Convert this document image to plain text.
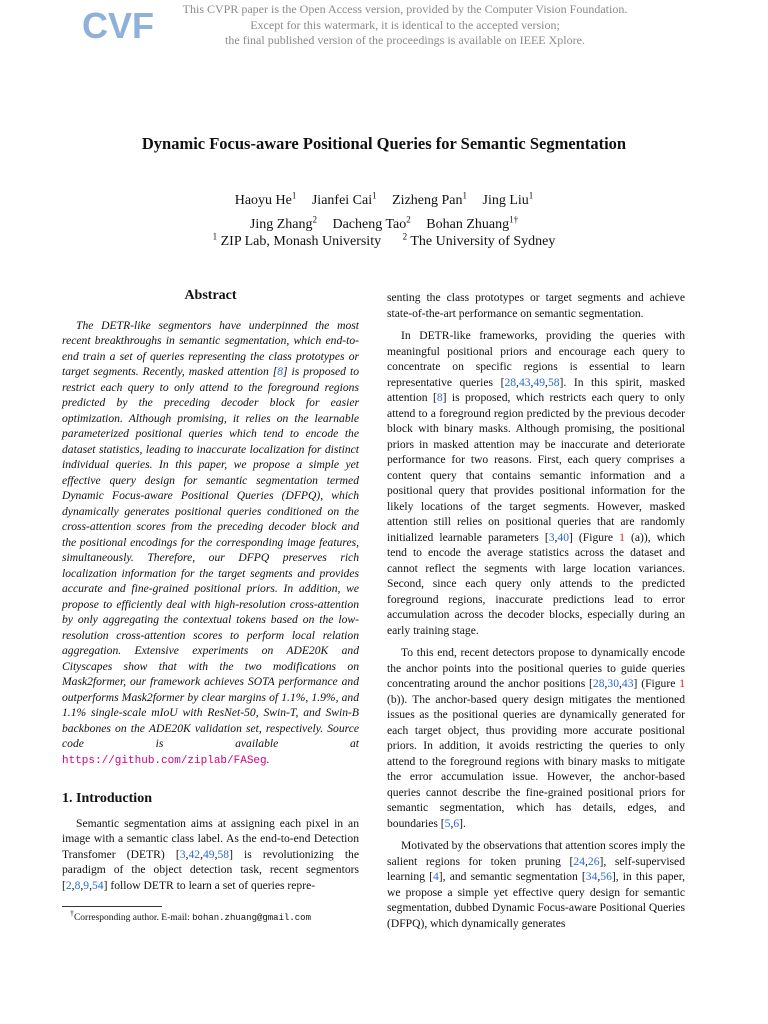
CVF	This CVPR paper is the Open Access version, provided by the Computer Vision Foundation.
Except for this watermark, it is identical to the accepted version;
the final published version of the proceedings is available on IEEE Xplore.
Dynamic Focus-aware Positional Queries for Semantic Segmentation
Haoyu He$^1$ Jianfei Cai$^1$ Zizheng Pan$^1$ Jing Liu$^1$
Jing Zhang$^2$ Dacheng Tao$^2$ Bohan Zhuang$^{1\dagger}$
$^1$ ZIP Lab, Monash University $^2$ The University of Sydney
Abstract

The DETR-like segmentors have underpinned the most recent breakthroughs in semantic segmentation, which end-to-end train a set of queries representing the class prototypes or target segments. Recently, masked attention [8] is proposed to restrict each query to only attend to the foreground regions predicted by the preceding decoder block for easier optimization. Although promising, it relies on the learnable parameterized positional queries which tend to encode the dataset statistics, leading to inaccurate localization for distinct individual queries. In this paper, we propose a simple yet effective query design for semantic segmentation termed Dynamic Focus-aware Positional Queries (DFPQ), which dynamically generates positional queries conditioned on the cross-attention scores from the preceding decoder block and the positional encodings for the corresponding image features, simultaneously. Therefore, our DFPQ preserves rich localization information for the target segments and provides accurate and fine-grained positional priors. In addition, we propose to efficiently deal with high-resolution cross-attention by only aggregating the contextual tokens based on the low-resolution cross-attention scores to perform local relation aggregation. Extensive experiments on ADE20K and Cityscapes show that with the two modifications on Mask2former, our framework achieves SOTA performance and outperforms Mask2former by clear margins of 1.1%, 1.9%, and 1.1% single-scale mIoU with ResNet-50, Swin-T, and Swin-B backbones on the ADE20K validation set, respectively. Source code is available at https://github.com/ziplab/FASeg.

1. Introduction

Semantic segmentation aims at assigning each pixel in an image with a semantic class label. As the end-to-end Detection Transfomer (DETR) [3,42,49,58] is revolutionizing the paradigm of the object detection task, recent segmentors [2,8,9,54] follow DETR to learn a set of queries repre-

†Corresponding author. E-mail: bohan.zhuang@gmail.com

senting the class prototypes or target segments and achieve state-of-the-art performance on semantic segmentation.

In DETR-like frameworks, providing the queries with meaningful positional priors and encourage each query to concentrate on specific regions is essential to learn representative queries [28,43,49,58]. In this spirit, masked attention [8] is proposed, which restricts each query to only attend to a foreground region predicted by the previous decoder block with binary masks. Although promising, the positional priors in masked attention may be inaccurate and deteriorate performance for two reasons. First, each query comprises a content query that contains semantic information and a positional query that provides positional information for the likely locations of the target segments. However, masked attention still relies on positional queries that are randomly initialized learnable parameters [3,40] (Figure 1 (a)), which tend to encode the average statistics across the dataset and cannot reflect the segments with large location variances. Second, since each query only attends to the predicted foreground regions, inaccurate predictions lead to error accumulation across the decoder blocks, especially during an early training stage.

To this end, recent detectors propose to dynamically encode the anchor points into the positional queries to guide queries concentrating around the anchor positions [28,30,43] (Figure 1 (b)). The anchor-based query design mitigates the mentioned issues as the positional queries are dynamically generated for each target object, thus providing more accurate positional priors. In addition, it avoids restricting the queries to only attend to the foreground regions with binary masks to mitigate the error accumulation issue. However, the anchor-based queries cannot describe the fine-grained positional priors for semantic segmentation, which has details, edges, and boundaries [5,6].

Motivated by the observations that attention scores imply the salient regions for token pruning [24,26], self-supervised learning [4], and semantic segmentation [34,56], in this paper, we propose a simple yet effective query design for semantic segmentation, dubbed Dynamic Focus-aware Positional Queries (DFPQ), which dynamically generates
